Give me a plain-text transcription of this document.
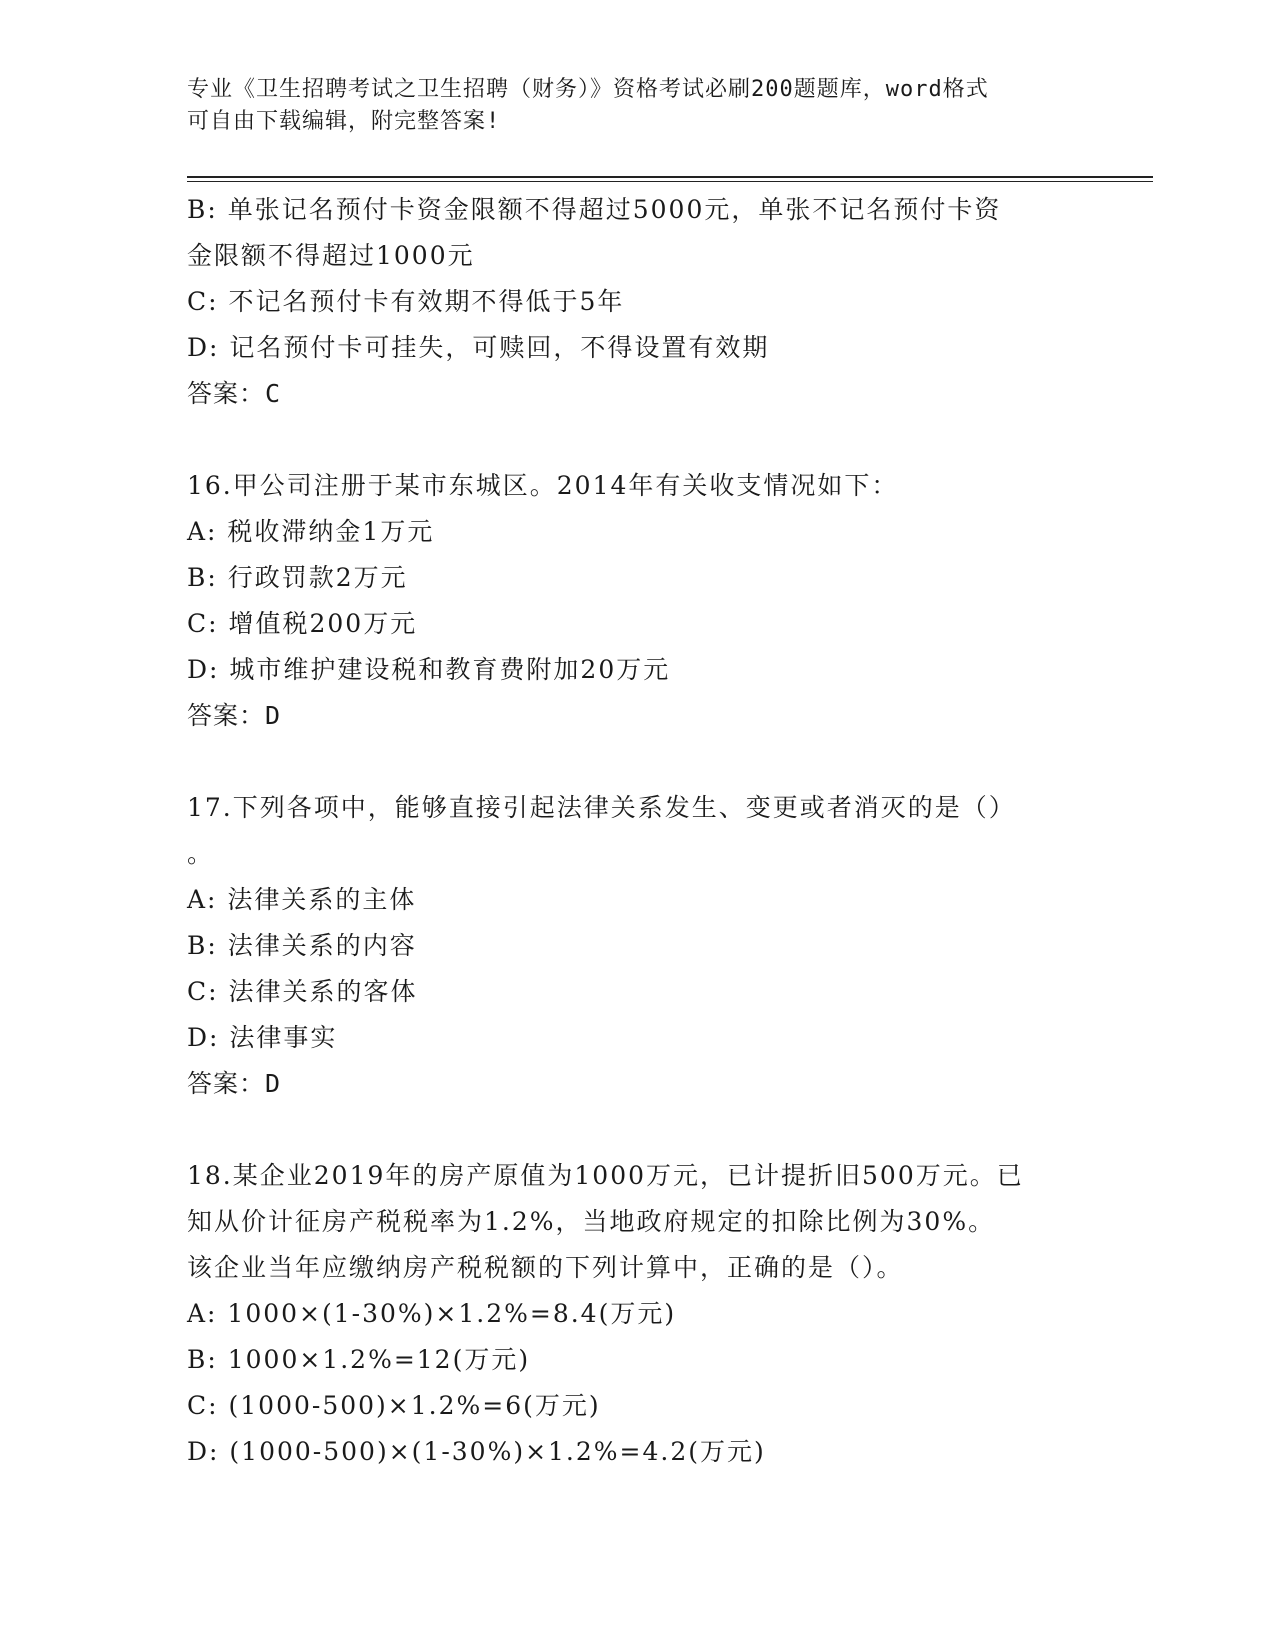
专业《卫生招聘考试之卫生招聘（财务）》资格考试必刷200题题库，word格式
可自由下载编辑，附完整答案!
B: 单张记名预付卡资金限额不得超过5000元，单张不记名预付卡资
金限额不得超过1000元
C: 不记名预付卡有效期不得低于5年
D: 记名预付卡可挂失，可赎回，不得设置有效期
答案：C
16.甲公司注册于某市东城区。2014年有关收支情况如下：
A: 税收滞纳金1万元
B: 行政罚款2万元
C: 增值税200万元
D: 城市维护建设税和教育费附加20万元
答案：D
17.下列各项中，能够直接引起法律关系发生、变更或者消灭的是（）
。
A: 法律关系的主体
B: 法律关系的内容
C: 法律关系的客体
D: 法律事实
答案：D
18.某企业2019年的房产原值为1000万元，已计提折旧500万元。已
知从价计征房产税税率为1.2%，当地政府规定的扣除比例为30%。
该企业当年应缴纳房产税税额的下列计算中，正确的是（）。
A: 1000×(1-30%)×1.2%=8.4(万元)
B: 1000×1.2%=12(万元)
C: (1000-500)×1.2%=6(万元)
D: (1000-500)×(1-30%)×1.2%=4.2(万元)
